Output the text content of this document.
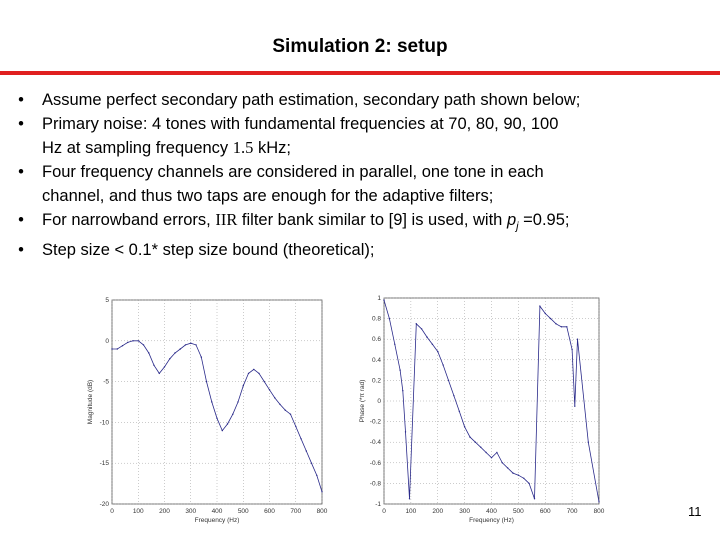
Simulation 2: setup
• Assume perfect secondary path estimation, secondary path shown below;
• Primary noise: 4 tones with fundamental frequencies at 70, 80, 90, 100
Hz at sampling frequency 1.5 kHz;
• Four frequency channels are considered in parallel, one tone in each
channel, and thus two taps are enough for the adaptive filters;
• For narrowband errors, IIR filter bank similar to [9] is used, with $p_j =0.95$;
• Step size < 0.1* step size bound (theoretical);
5
0
-5
-10
-15
-20
0	100 200 300 400 500 600 700 800
Frequency (Hz)
Magnitude (dB)
1
0.8
0.6
0.4
0.2
0
-0.2
-0.4
-0.6
-0.8
-1
0	100 200 300 400 500 600 700 800
Frequency (Hz)
Phase (*π rad)
11
